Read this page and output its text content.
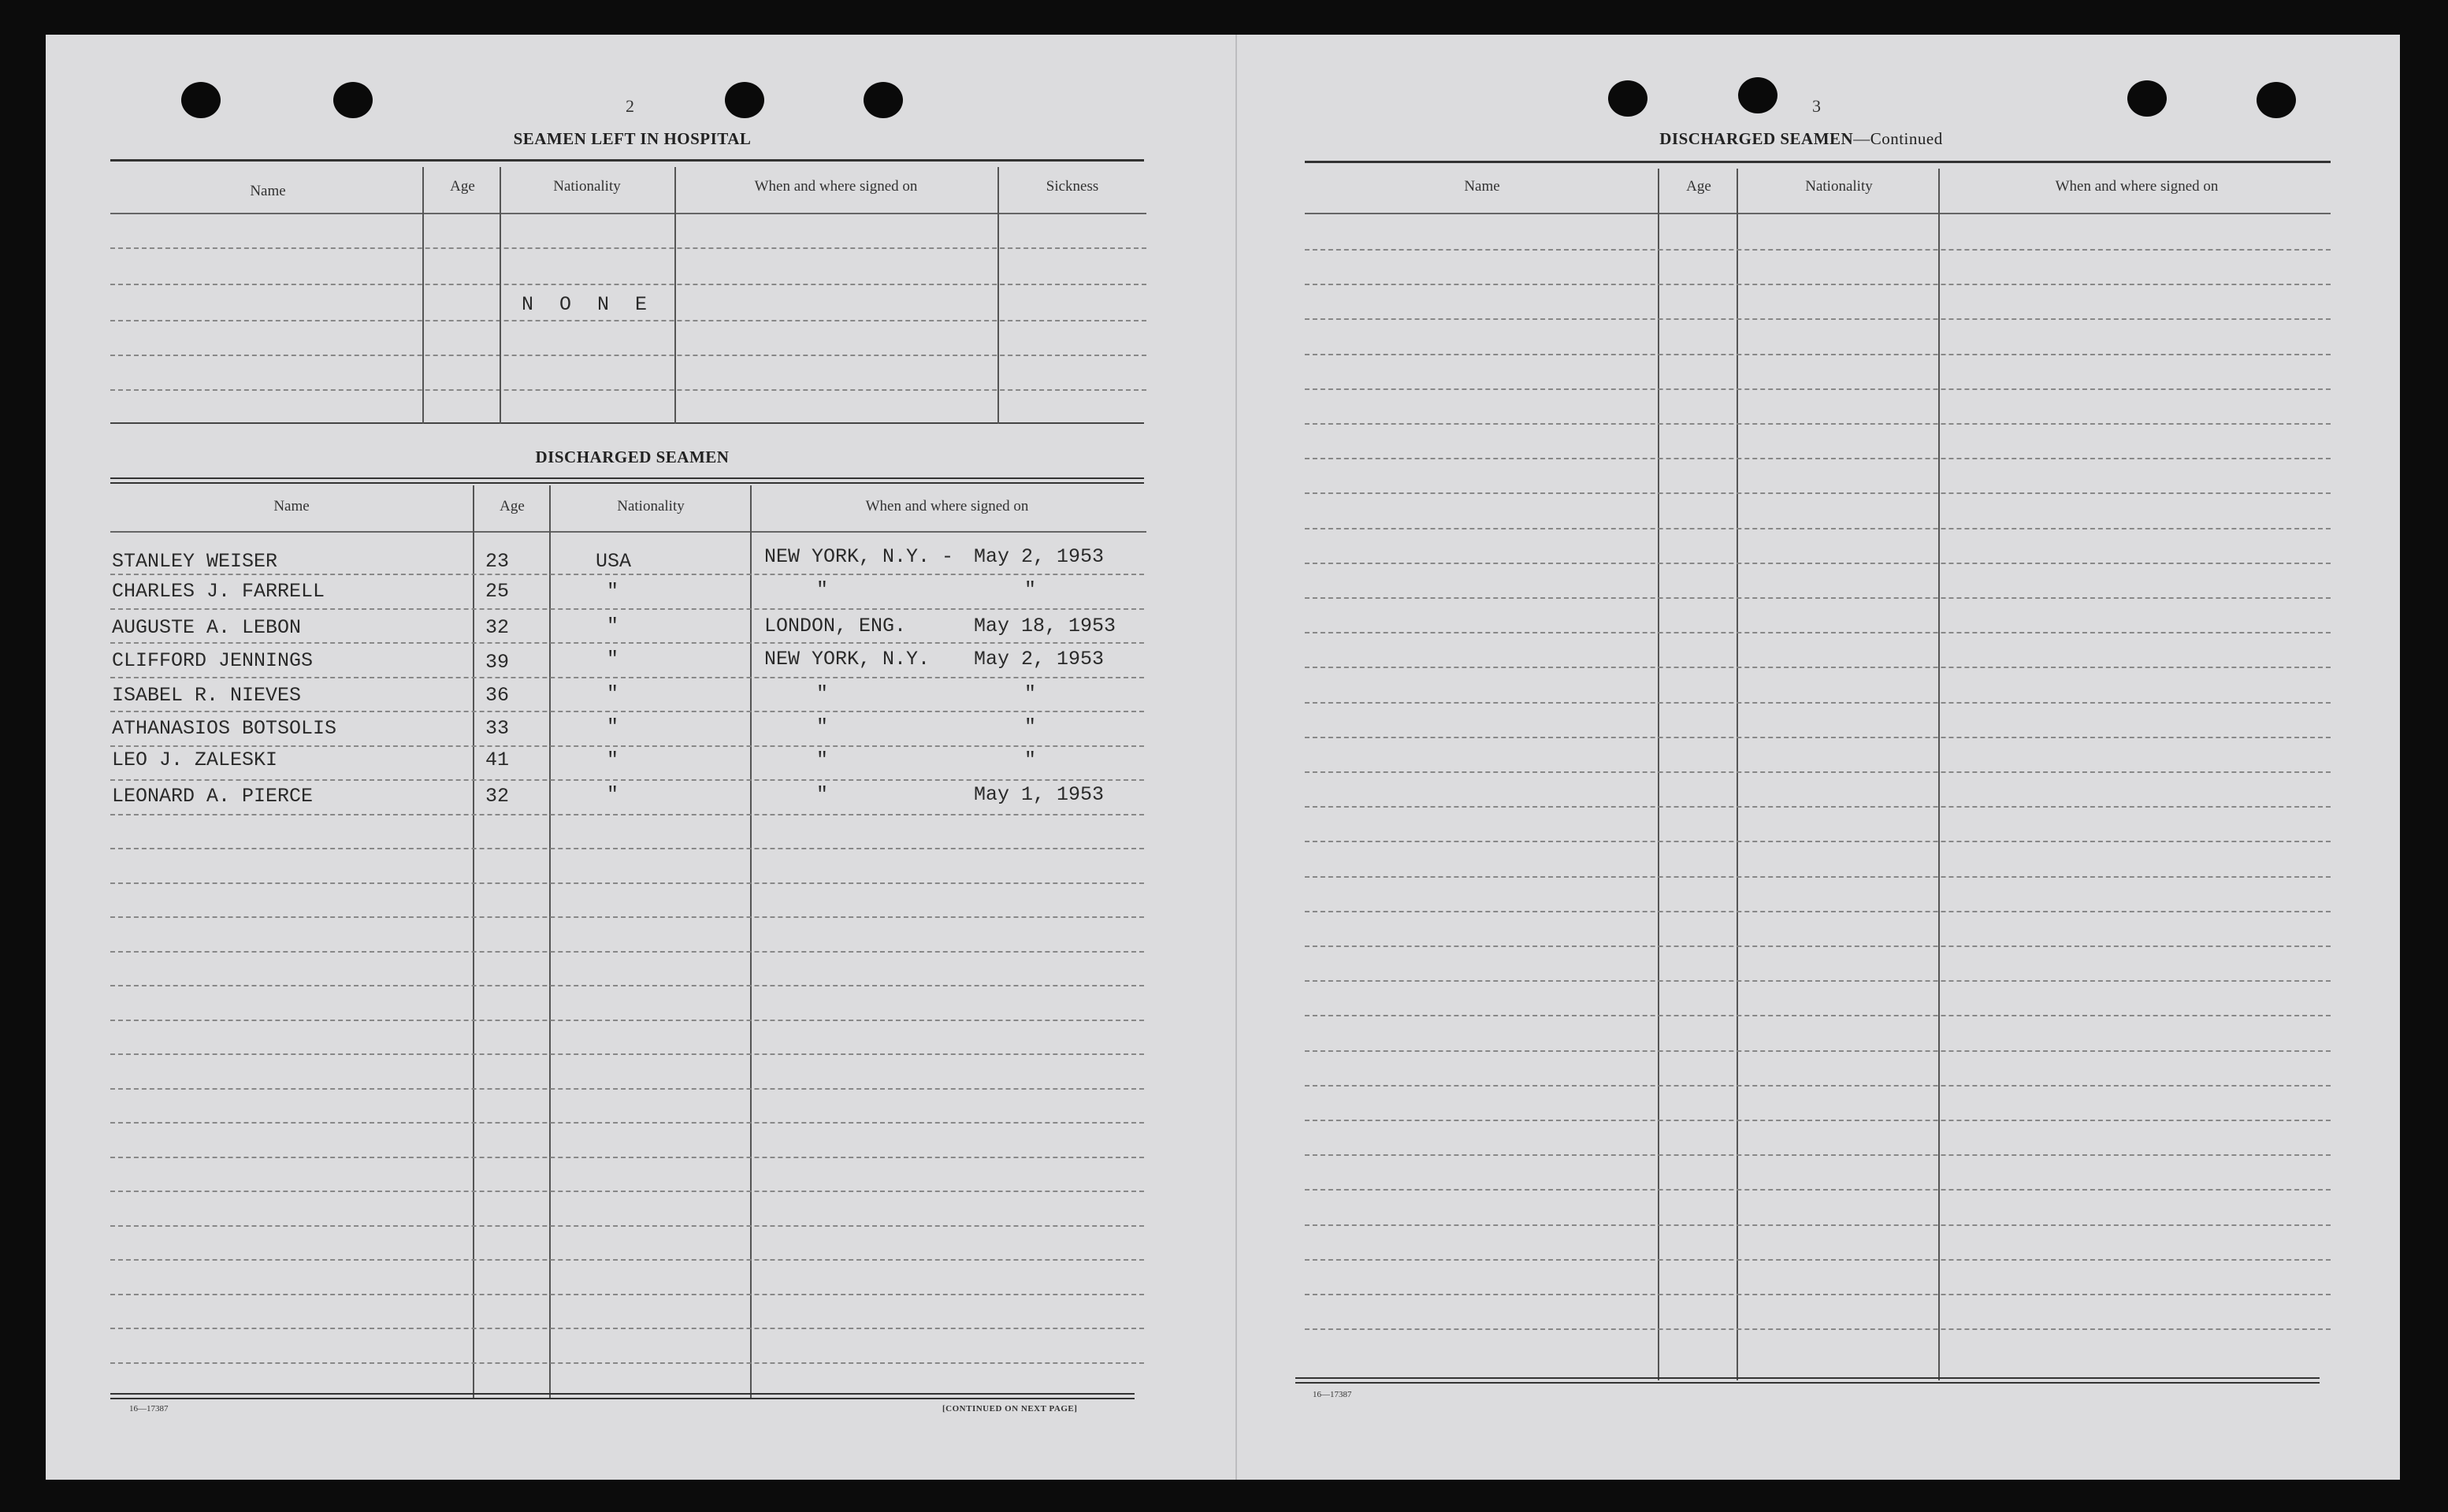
2
SEAMEN LEFT IN HOSPITAL
Name	Age	Nationality	When and where signed on	Sickness
N O N E
DISCHARGED SEAMEN
Name	Age	Nationality	When and where signed on
STANLEY WEISER	23	USA	NEW YORK, N.Y. - May 2, 1953
CHARLES J. FARRELL	25	"	"	"
AUGUSTE A. LEBON	32	"	LONDON, ENG.	May 18, 1953
CLIFFORD JENNINGS	39	"	NEW YORK, N.Y. May 2, 1953
ISABEL R. NIEVES	36	"	"	"
ATHANASIOS BOTSOLIS	33	"	"	"
LEO J. ZALESKI	41	"	"	"
LEONARD A. PIERCE	32	"	"	May 1, 1953
16—17387	[CONTINUED ON NEXT PAGE]
3
DISCHARGED SEAMEN—Continued
Name	Age	Nationality	When and where signed on
16—17387
